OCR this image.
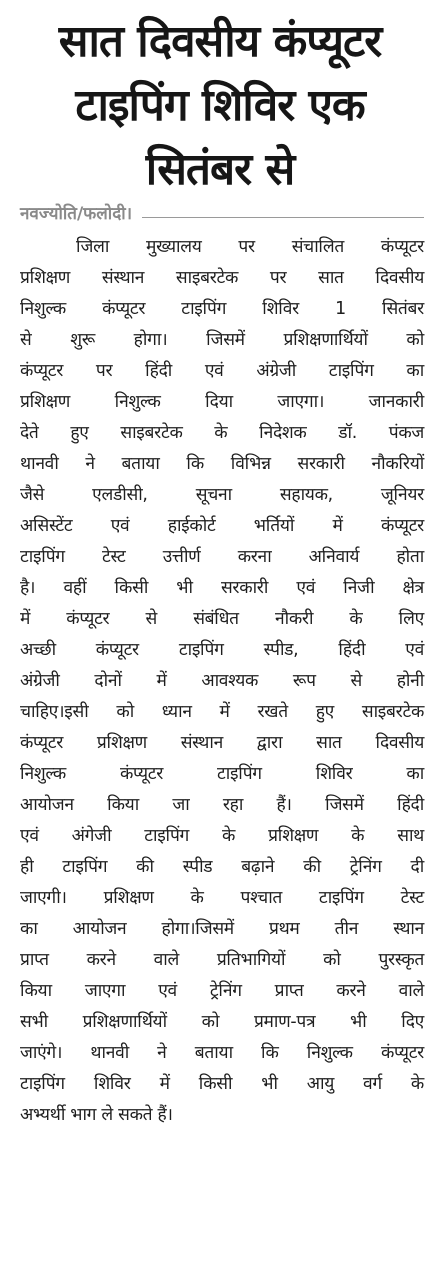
सात दिवसीय कंप्यूटर
टाइपिंग शिविर एक
सितंबर से
नवज्योति/फलोदी।
जिला मुख्यालय पर संचालित कंप्यूटर
प्रशिक्षण संस्थान साइबरटेक पर सात दिवसीय
निशुल्क कंप्यूटर टाइपिंग शिविर 1 सितंबर
से शुरू होगा। जिसमें प्रशिक्षणार्थियों को
कंप्यूटर पर हिंदी एवं अंग्रेजी टाइपिंग का
प्रशिक्षण निशुल्क दिया जाएगा। जानकारी
देते हुए साइबरटेक के निदेशक डॉ. पंकज
थानवी ने बताया कि विभिन्न सरकारी नौकरियों
जैसे एलडीसी, सूचना सहायक, जूनियर
असिस्टेंट एवं हाईकोर्ट भर्तियों में कंप्यूटर
टाइपिंग टेस्ट उत्तीर्ण करना अनिवार्य होता
है। वहीं किसी भी सरकारी एवं निजी क्षेत्र
में कंप्यूटर से संबंधित नौकरी के लिए
अच्छी कंप्यूटर टाइपिंग स्पीड, हिंदी एवं
अंग्रेजी दोनों में आवश्यक रूप से होनी
चाहिए।इसी को ध्यान में रखते हुए साइबरटेक
कंप्यूटर प्रशिक्षण संस्थान द्वारा सात दिवसीय
निशुल्क कंप्यूटर टाइपिंग शिविर का
आयोजन किया जा रहा हैं। जिसमें हिंदी
एवं अंगेजी टाइपिंग के प्रशिक्षण के साथ
ही टाइपिंग की स्पीड बढ़ाने की ट्रेनिंग दी
जाएगी। प्रशिक्षण के पश्चात टाइपिंग टेस्ट
का आयोजन होगा।जिसमें प्रथम तीन स्थान
प्राप्त करने वाले प्रतिभागियों को पुरस्कृत
किया जाएगा एवं ट्रेनिंग प्राप्त करने वाले
सभी प्रशिक्षणार्थियों को प्रमाण-पत्र भी दिए
जाएंगे। थानवी ने बताया कि निशुल्क कंप्यूटर
टाइपिंग शिविर में किसी भी आयु वर्ग के
अभ्यर्थी भाग ले सकते हैं।
